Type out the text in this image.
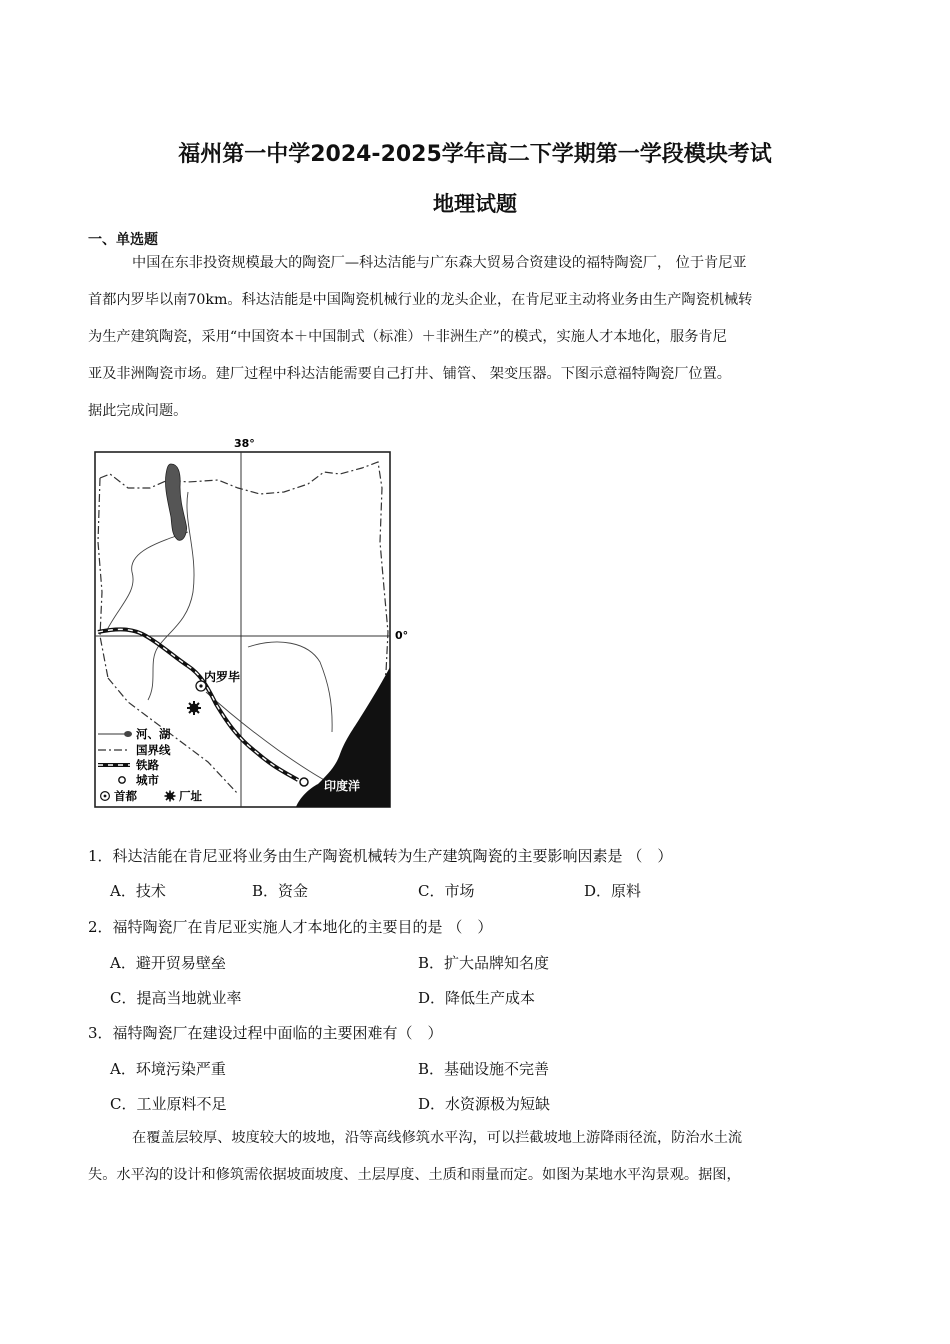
福州第一中学2024-2025学年高二下学期第一学段模块考试
地理试题
一、单选题
中国在东非投资规模最大的陶瓷厂—科达洁能与广东森大贸易合资建设的福特陶瓷厂， 位于肯尼亚
首都内罗毕以南70km。科达洁能是中国陶瓷机械行业的龙头企业，在肯尼亚主动将业务由生产陶瓷机械转
为生产建筑陶瓷，采用“中国资本＋中国制式（标准）＋非洲生产”的模式，实施人才本地化，服务肯尼
亚及非洲陶瓷市场。建厂过程中科达洁能需要自己打井、铺管、 架变压器。下图示意福特陶瓷厂位置。
据此完成问题。
38°
0°
印度洋
内罗毕
河、湖
国界线
铁路
城市
首都	厂址
1．科达洁能在肯尼亚将业务由生产陶瓷机械转为生产建筑陶瓷的主要影响因素是 （　）
A．技术	B．资金	C．市场	D．原料
2．福特陶瓷厂在肯尼亚实施人才本地化的主要目的是 （　）
A．避开贸易壁垒	B．扩大品牌知名度
C．提高当地就业率	D．降低生产成本
3．福特陶瓷厂在建设过程中面临的主要困难有（　）
A．环境污染严重	B．基础设施不完善
C．工业原料不足	D．水资源极为短缺
在覆盖层较厚、坡度较大的坡地，沿等高线修筑水平沟，可以拦截坡地上游降雨径流，防治水土流
失。水平沟的设计和修筑需依据坡面坡度、土层厚度、土质和雨量而定。如图为某地水平沟景观。据图，
